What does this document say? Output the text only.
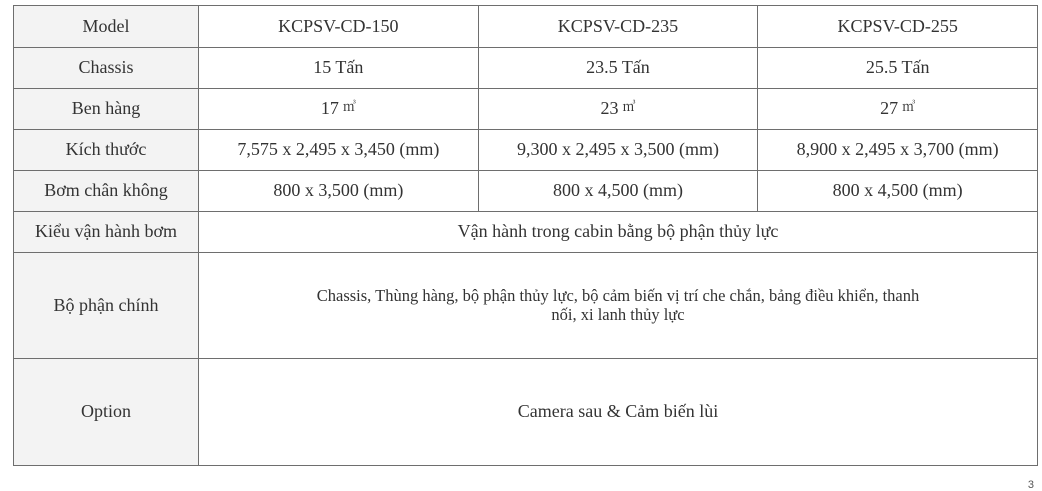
Model	KCPSV-CD-150	KCPSV-CD-235	KCPSV-CD-255
Chassis	15 Tấn	23.5 Tấn	25.5 Tấn
Ben hàng	17 ㎥	23 ㎥	27 ㎥
Kích thước	7,575 x 2,495 x 3,450 (mm)	9,300 x 2,495 x 3,500 (mm)	8,900 x 2,495 x 3,700 (mm)
Bơm chân không	800 x 3,500 (mm)	800 x 4,500 (mm)	800 x 4,500 (mm)
Kiểu vận hành bơm	Vận hành trong cabin bằng bộ phận thủy lực		
Bộ phận chính	Chassis, Thùng hàng, bộ phận thủy lực, bộ cảm biến vị trí che chắn, bảng điều khiển, thanh
nối, xi lanh thủy lực		
Option	Camera sau & Cảm biến lùi		
3
